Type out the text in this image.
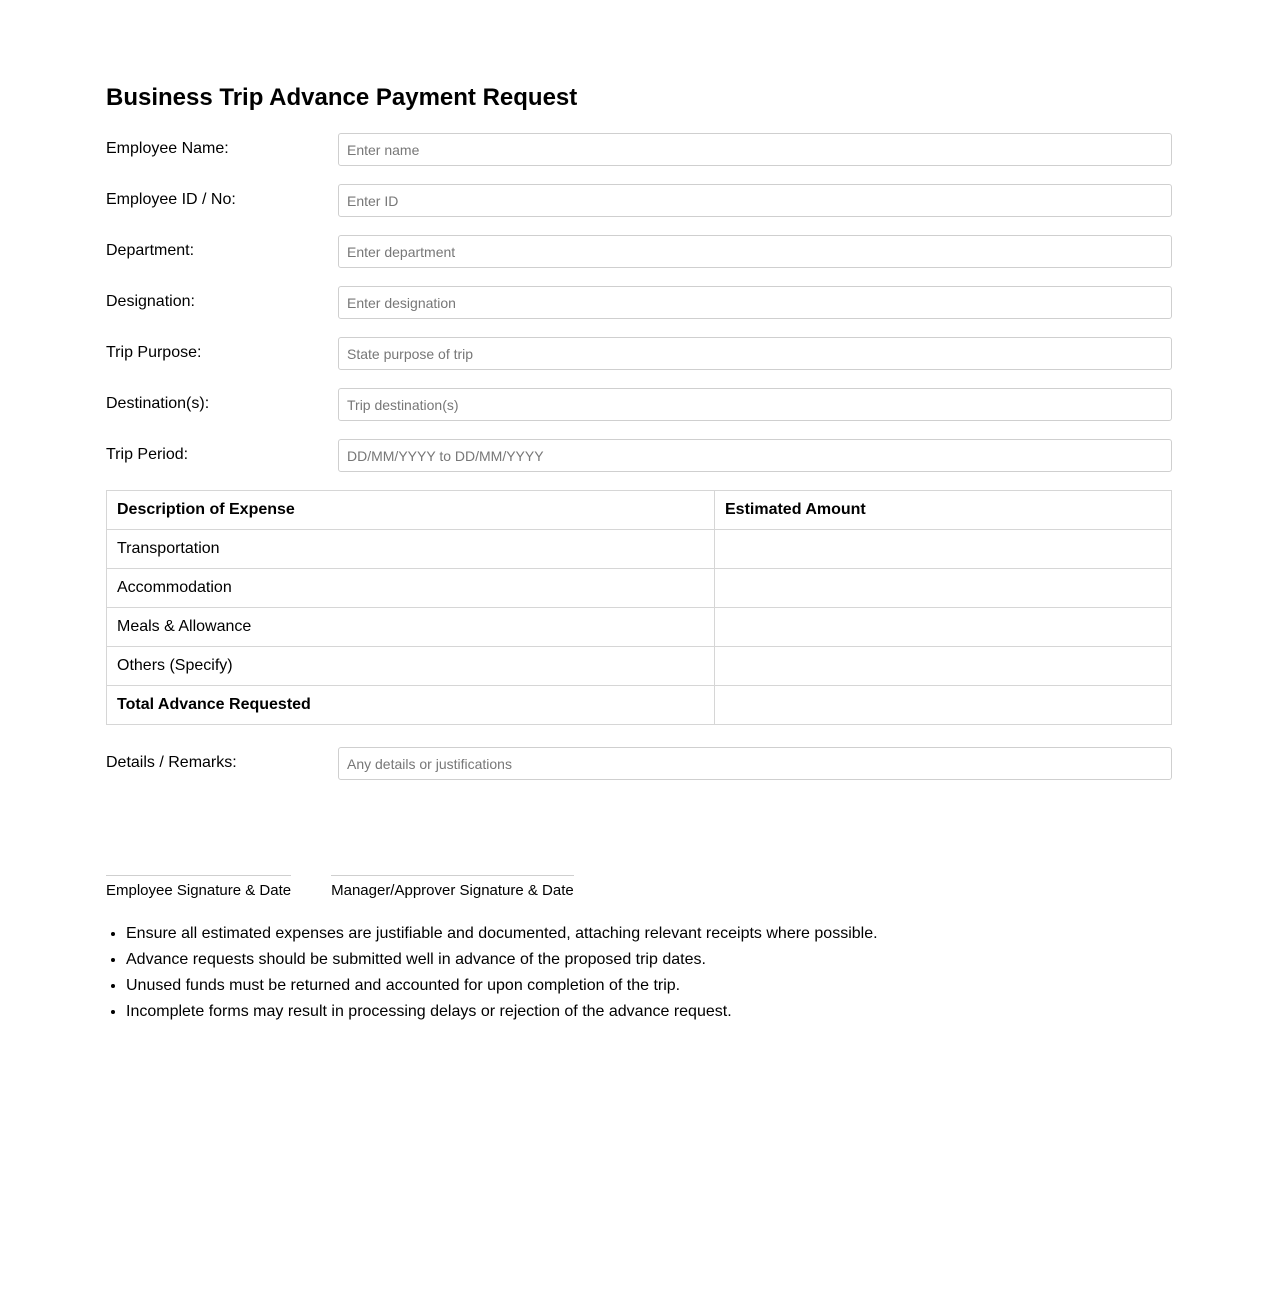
Business Trip Advance Payment Request
Employee Name:
Enter name
Employee ID / No:
Enter ID
Department:
Enter department
Designation:
Enter designation
Trip Purpose:
State purpose of trip
Destination(s):
Trip destination(s)
Trip Period:
DD/MM/YYYY to DD/MM/YYYY
Description of Expense	Estimated Amount
Transportation	
Accommodation	
Meals & Allowance	
Others (Specify)	
Total Advance Requested	
Details / Remarks:
Any details or justifications
Employee Signature & Date	Manager/Approver Signature & Date
• Ensure all estimated expenses are justifiable and documented, attaching relevant receipts where possible.
• Advance requests should be submitted well in advance of the proposed trip dates.
• Unused funds must be returned and accounted for upon completion of the trip.
• Incomplete forms may result in processing delays or rejection of the advance request.
